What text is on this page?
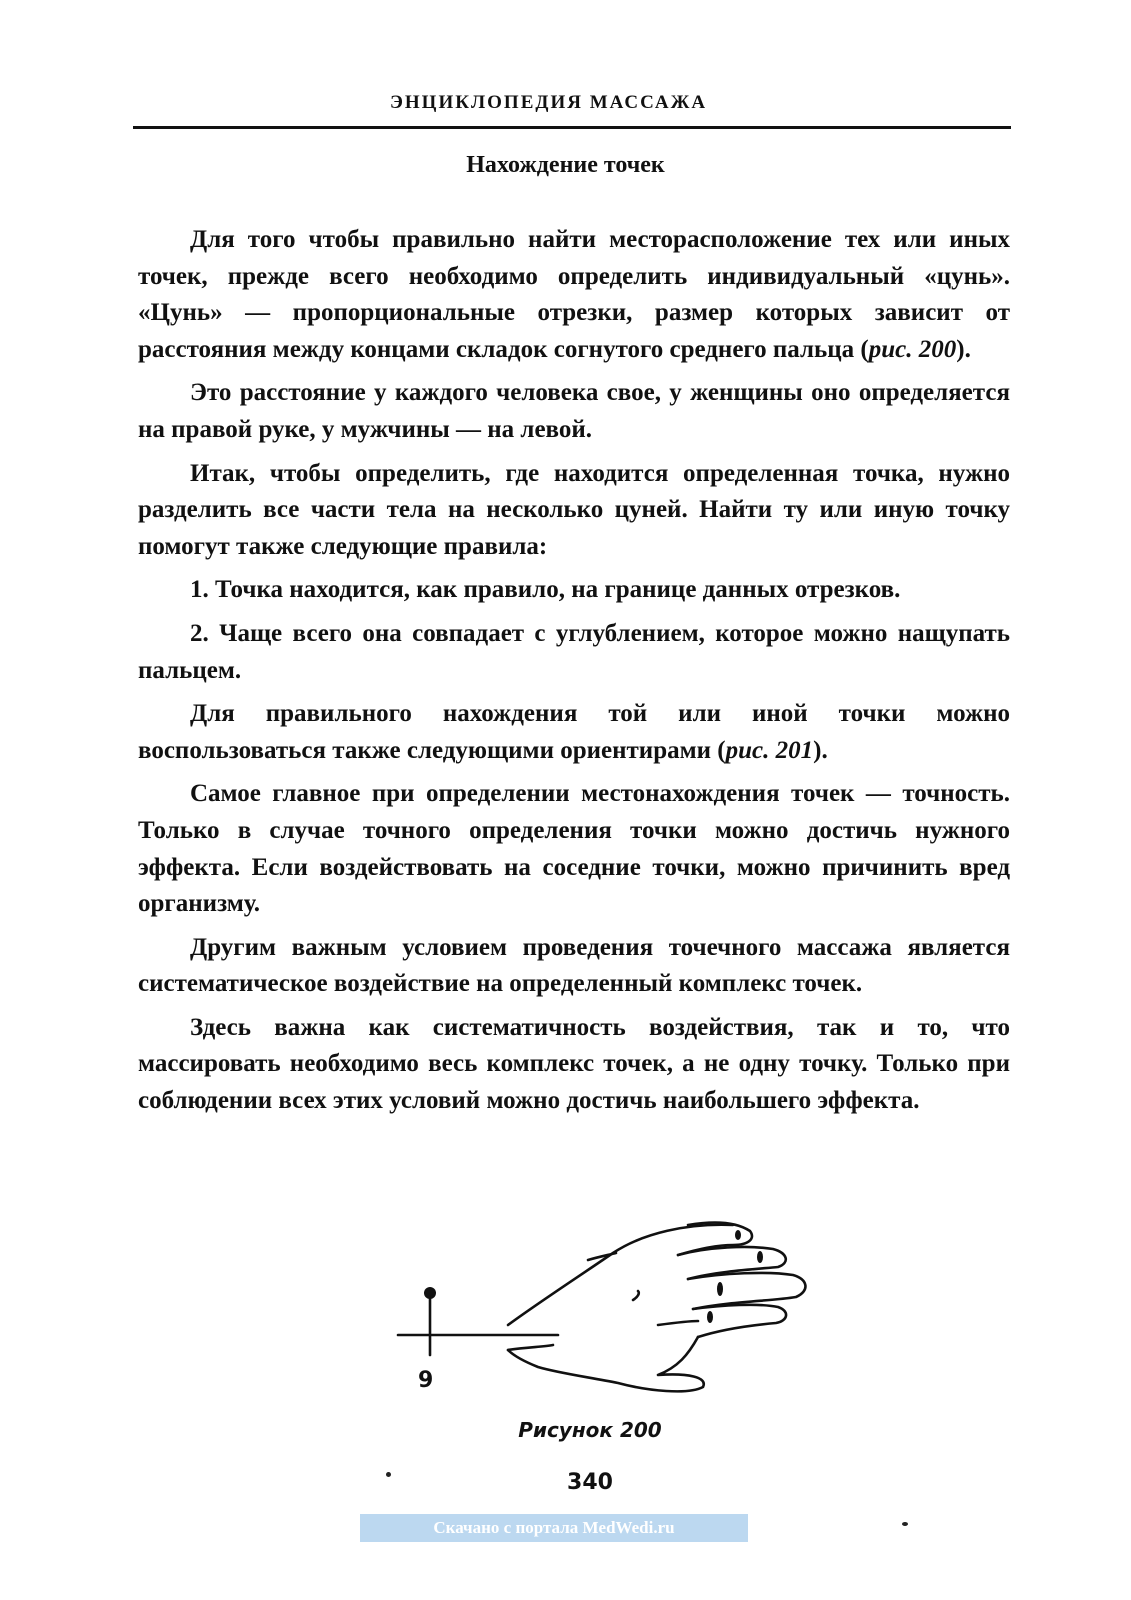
ЭНЦИКЛОПЕДИЯ МАССАЖА
Нахождение точек

Для того чтобы правильно найти месторасположение тех или иных точек, прежде всего необходимо определить индивидуальный «цунь». «Цунь» — пропорциональные отрезки, размер которых зависит от расстояния между концами складок согнутого среднего пальца (рис. 200).

Это расстояние у каждого человека свое, у женщины оно определяется на правой руке, у мужчины — на левой.

Итак, чтобы определить, где находится определенная точка, нужно разделить все части тела на несколько цуней. Найти ту или иную точку помогут также следующие правила:

1. Точка находится, как правило, на границе данных отрезков.

2. Чаще всего она совпадает с углублением, которое можно нащупать пальцем.

Для правильного нахождения той или иной точки можно воспользоваться также следующими ориентирами (рис. 201).

Самое главное при определении местонахождения точек — точность. Только в случае точного определения точки можно достичь нужного эффекта. Если воздействовать на соседние точки, можно причинить вред организму.

Другим важным условием проведения точечного массажа является систематическое воздействие на определенный комплекс точек.

Здесь важна как систематичность воздействия, так и то, что массировать необходимо весь комплекс точек, а не одну точку. Только при соблюдении всех этих условий можно достичь наибольшего эффекта.

9
Рисунок 200
340
Скачано с портала MedWedi.ru
